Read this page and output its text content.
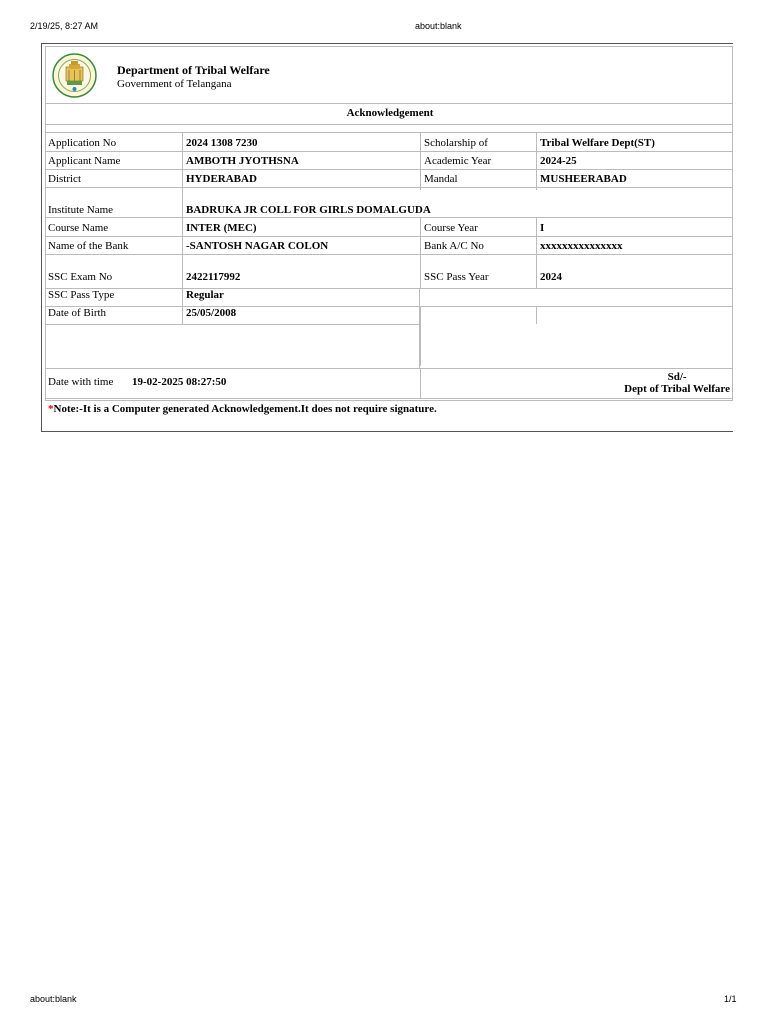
2/19/25, 8:27 AM	about:blank
Department of Tribal Welfare
Government of Telangana
Acknowledgement
Application No	2024 1308 7230	Scholarship of	Tribal Welfare Dept(ST)
Applicant Name	AMBOTH JYOTHSNA	Academic Year	2024-25
District	HYDERABAD	Mandal	MUSHEERABAD
Institute Name	BADRUKA JR COLL FOR GIRLS DOMALGUDA
Course Name	INTER (MEC)	Course Year	I
Name of the Bank	-SANTOSH NAGAR COLON	Bank A/C No	xxxxxxxxxxxxxxx
SSC Exam No	2422117992	SSC Pass Year	2024
SSC Pass Type	Regular
Date of Birth	25/05/2008
Date with time 19-02-2025 08:27:50	Sd/-
Dept of Tribal Welfare
*Note:-It is a Computer generated Acknowledgement.It does not require signature.
about:blank	1/1
